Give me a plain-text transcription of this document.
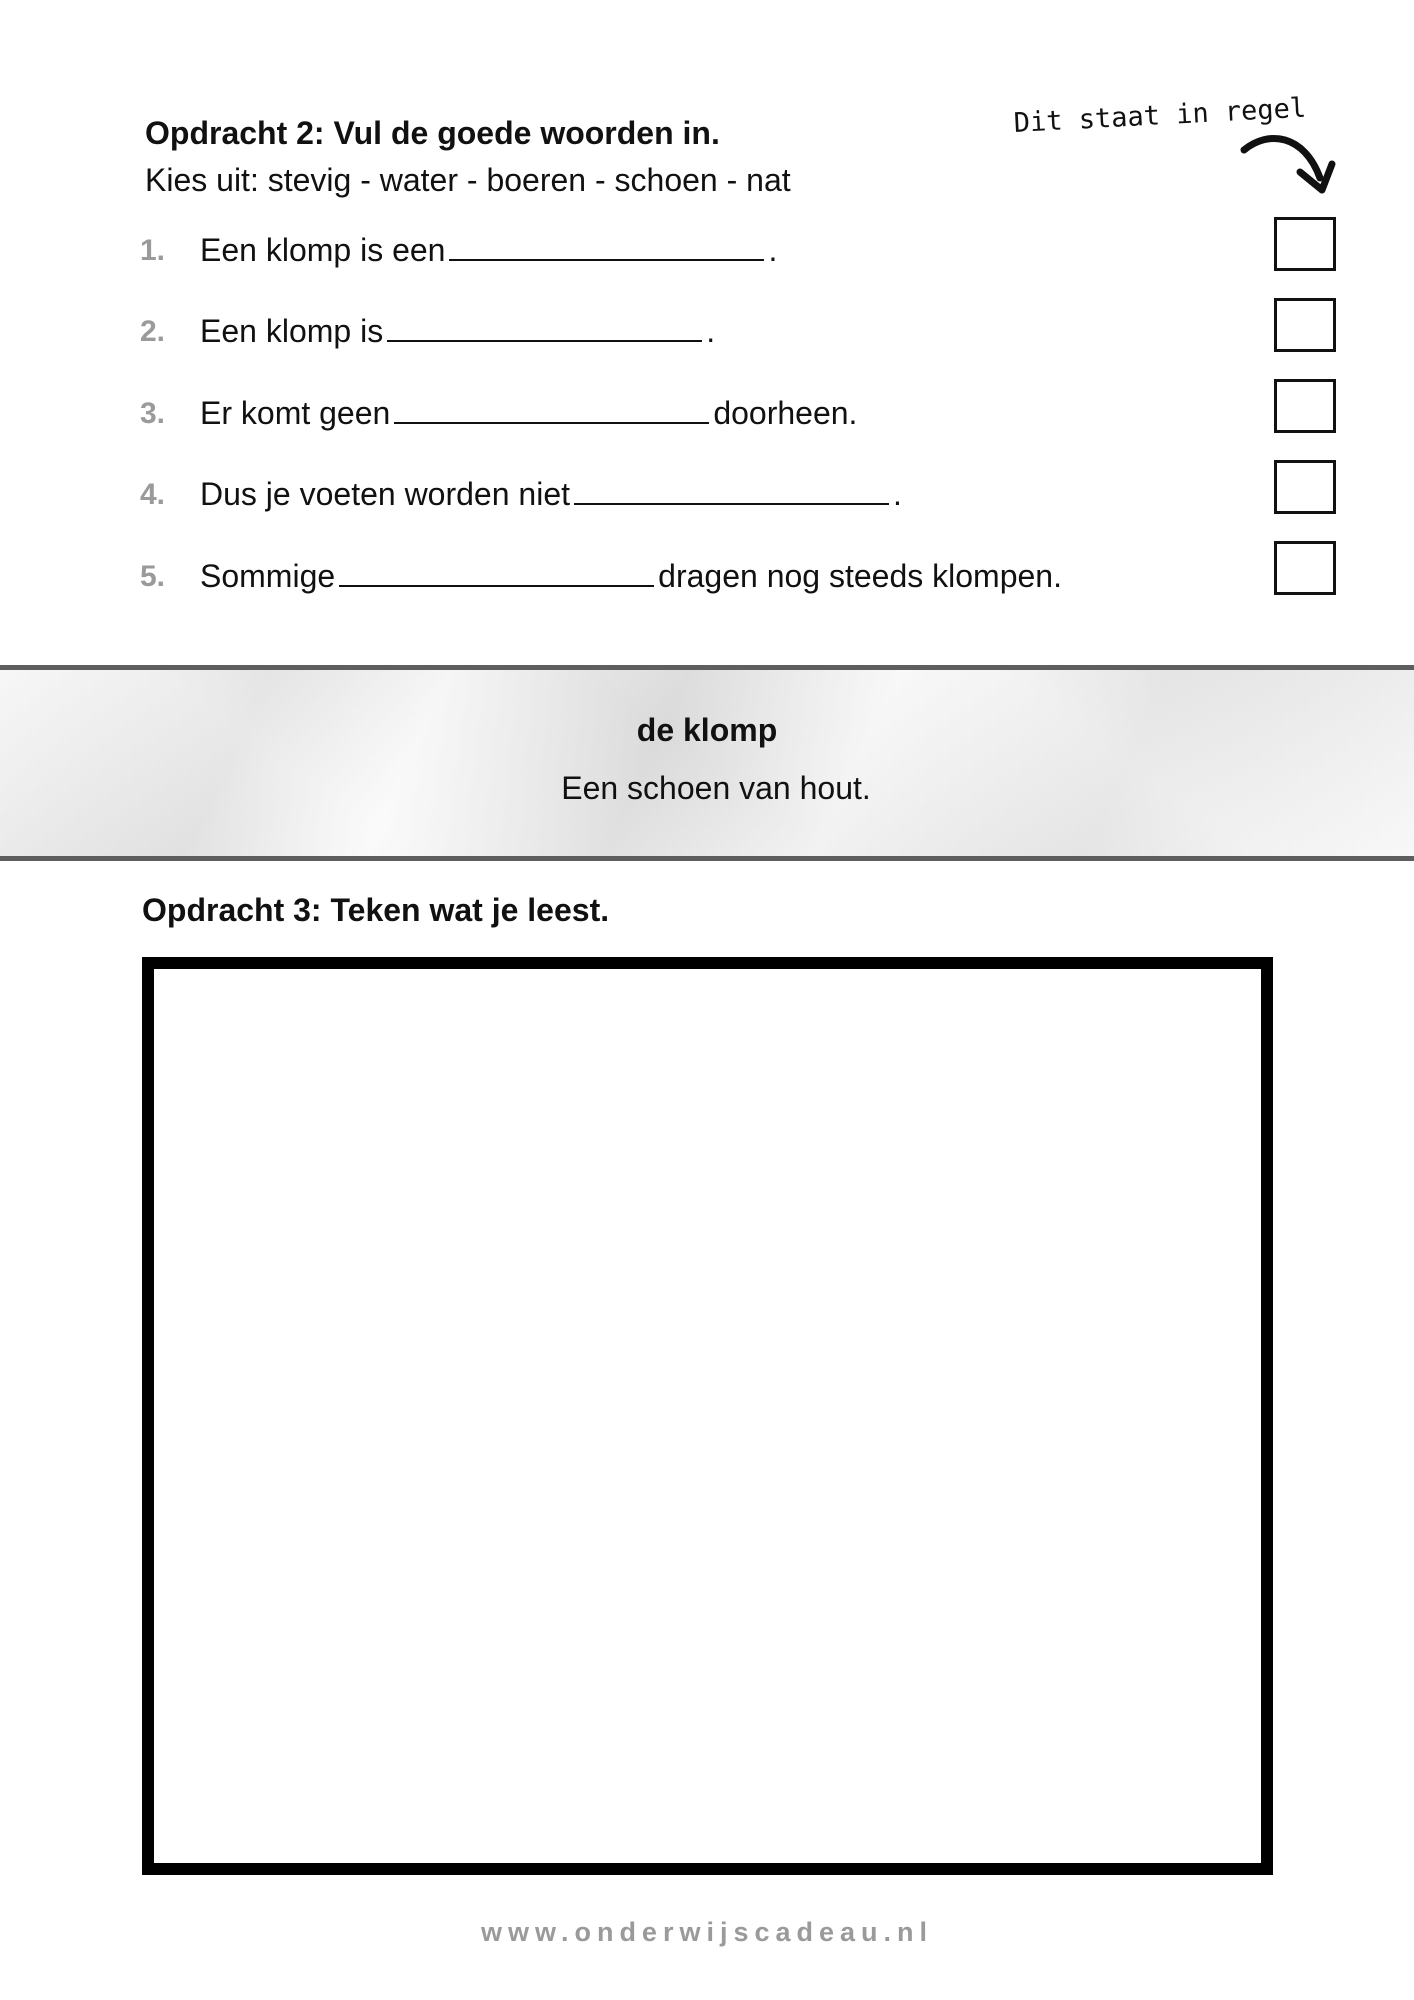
Opdracht 2: Vul de goede woorden in.
Kies uit: stevig - water - boeren - schoen - nat
Dit staat in regel
1. Een klomp is een	.
2. Een klomp is	.
3. Er komt geen	doorheen.
4. Dus je voeten worden niet	.
5. Sommige	dragen nog steeds klompen.
de klomp
Een schoen van hout.
Opdracht 3: Teken wat je leest.
www.onderwijscadeau.nl
